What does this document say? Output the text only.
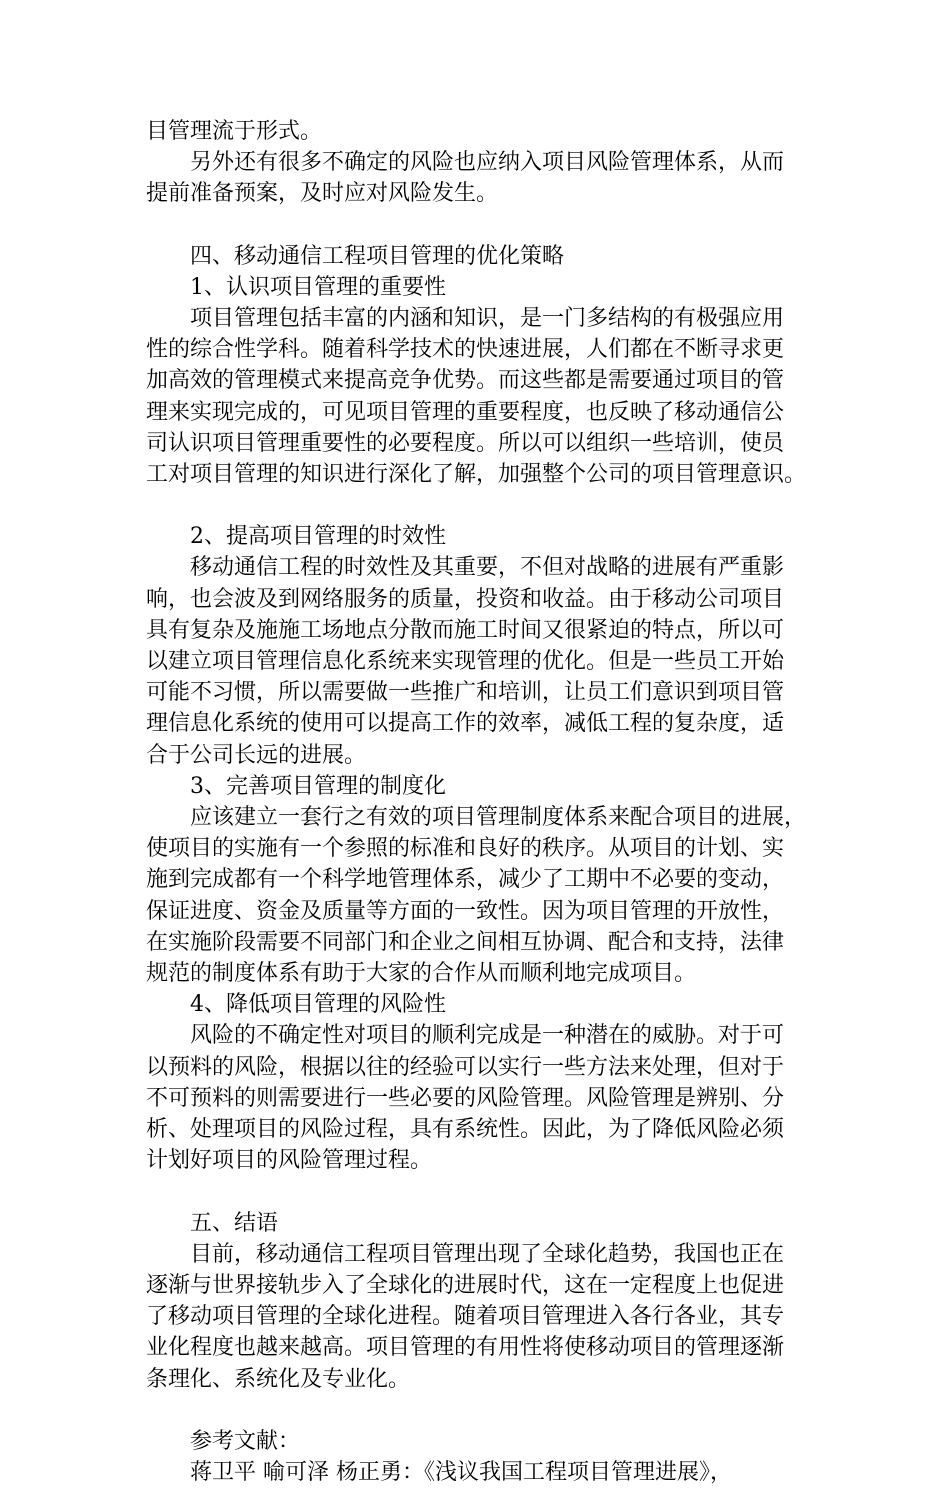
目管理流于形式。
另外还有很多不确定的风险也应纳入项目风险管理体系，从而
提前准备预案，及时应对风险发生。
四、移动通信工程项目管理的优化策略
1、认识项目管理的重要性
项目管理包括丰富的内涵和知识，是一门多结构的有极强应用
性的综合性学科。随着科学技术的快速进展，人们都在不断寻求更
加高效的管理模式来提高竞争优势。而这些都是需要通过项目的管
理来实现完成的，可见项目管理的重要程度，也反映了移动通信公
司认识项目管理重要性的必要程度。所以可以组织一些培训，使员
工对项目管理的知识进行深化了解，加强整个公司的项目管理意识。
2、提高项目管理的时效性
移动通信工程的时效性及其重要，不但对战略的进展有严重影
响，也会波及到网络服务的质量，投资和收益。由于移动公司项目
具有复杂及施施工场地点分散而施工时间又很紧迫的特点，所以可
以建立项目管理信息化系统来实现管理的优化。但是一些员工开始
可能不习惯，所以需要做一些推广和培训，让员工们意识到项目管
理信息化系统的使用可以提高工作的效率，减低工程的复杂度，适
合于公司长远的进展。
3、完善项目管理的制度化
应该建立一套行之有效的项目管理制度体系来配合项目的进展，
使项目的实施有一个参照的标准和良好的秩序。从项目的计划、实
施到完成都有一个科学地管理体系，减少了工期中不必要的变动，
保证进度、资金及质量等方面的一致性。因为项目管理的开放性，
在实施阶段需要不同部门和企业之间相互协调、配合和支持，法律
规范的制度体系有助于大家的合作从而顺利地完成项目。
4、降低项目管理的风险性
风险的不确定性对项目的顺利完成是一种潜在的威胁。对于可
以预料的风险，根据以往的经验可以实行一些方法来处理，但对于
不可预料的则需要进行一些必要的风险管理。风险管理是辨别、分
析、处理项目的风险过程，具有系统性。因此，为了降低风险必须
计划好项目的风险管理过程。
五、结语
目前，移动通信工程项目管理出现了全球化趋势，我国也正在
逐渐与世界接轨步入了全球化的进展时代，这在一定程度上也促进
了移动项目管理的全球化进程。随着项目管理进入各行各业，其专
业化程度也越来越高。项目管理的有用性将使移动项目的管理逐渐
条理化、系统化及专业化。
参考文献：
蒋卫平 喻可泽 杨正勇：《浅议我国工程项目管理进展》，
